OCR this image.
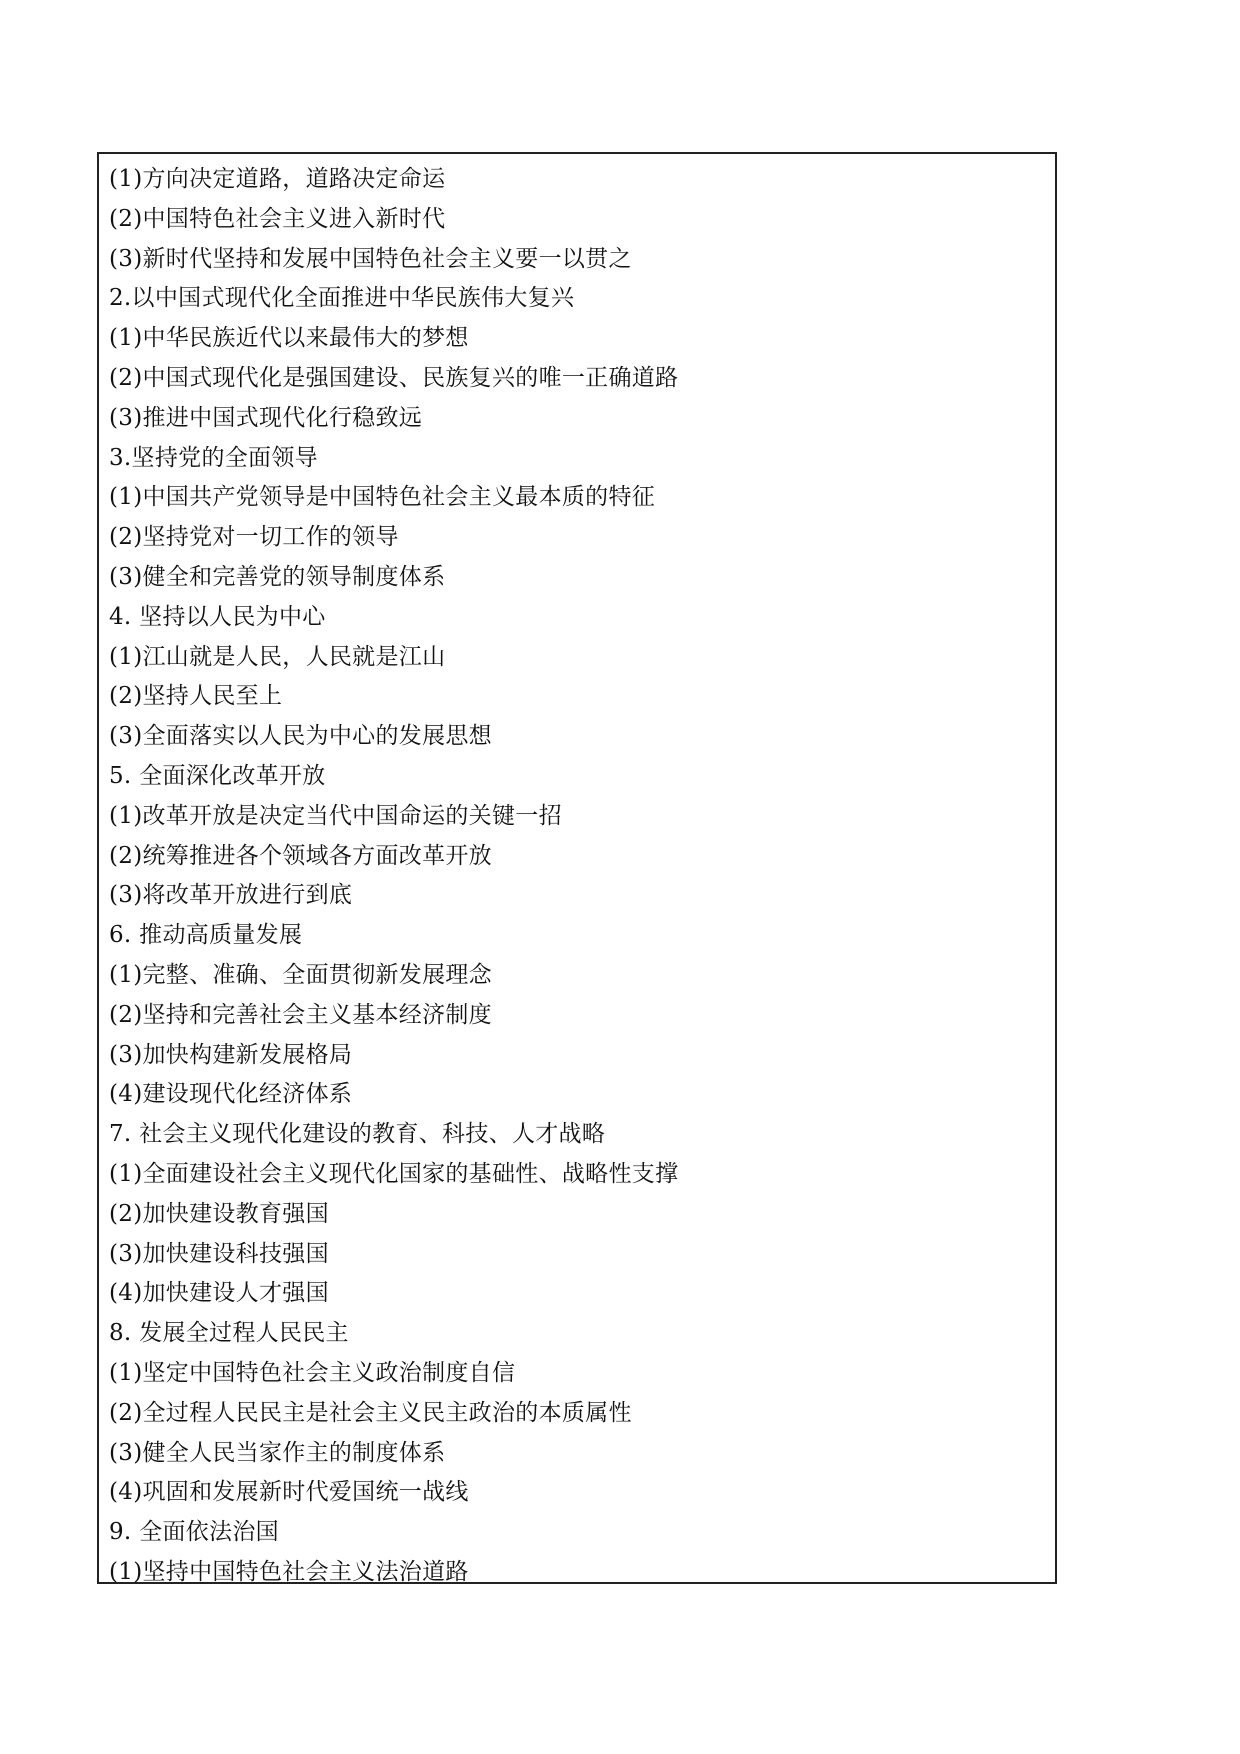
(1)方向决定道路，道路决定命运
(2)中国特色社会主义进入新时代
(3)新时代坚持和发展中国特色社会主义要一以贯之
2.以中国式现代化全面推进中华民族伟大复兴
(1)中华民族近代以来最伟大的梦想
(2)中国式现代化是强国建设、民族复兴的唯一正确道路
(3)推进中国式现代化行稳致远
3.坚持党的全面领导
(1)中国共产党领导是中国特色社会主义最本质的特征
(2)坚持党对一切工作的领导
(3)健全和完善党的领导制度体系
4. 坚持以人民为中心
(1)江山就是人民，人民就是江山
(2)坚持人民至上
(3)全面落实以人民为中心的发展思想
5. 全面深化改革开放
(1)改革开放是决定当代中国命运的关键一招
(2)统筹推进各个领域各方面改革开放
(3)将改革开放进行到底
6. 推动高质量发展
(1)完整、准确、全面贯彻新发展理念
(2)坚持和完善社会主义基本经济制度
(3)加快构建新发展格局
(4)建设现代化经济体系
7. 社会主义现代化建设的教育、科技、人才战略
(1)全面建设社会主义现代化国家的基础性、战略性支撑
(2)加快建设教育强国
(3)加快建设科技强国
(4)加快建设人才强国
8. 发展全过程人民民主
(1)坚定中国特色社会主义政治制度自信
(2)全过程人民民主是社会主义民主政治的本质属性
(3)健全人民当家作主的制度体系
(4)巩固和发展新时代爱国统一战线
9. 全面依法治国
(1)坚持中国特色社会主义法治道路
